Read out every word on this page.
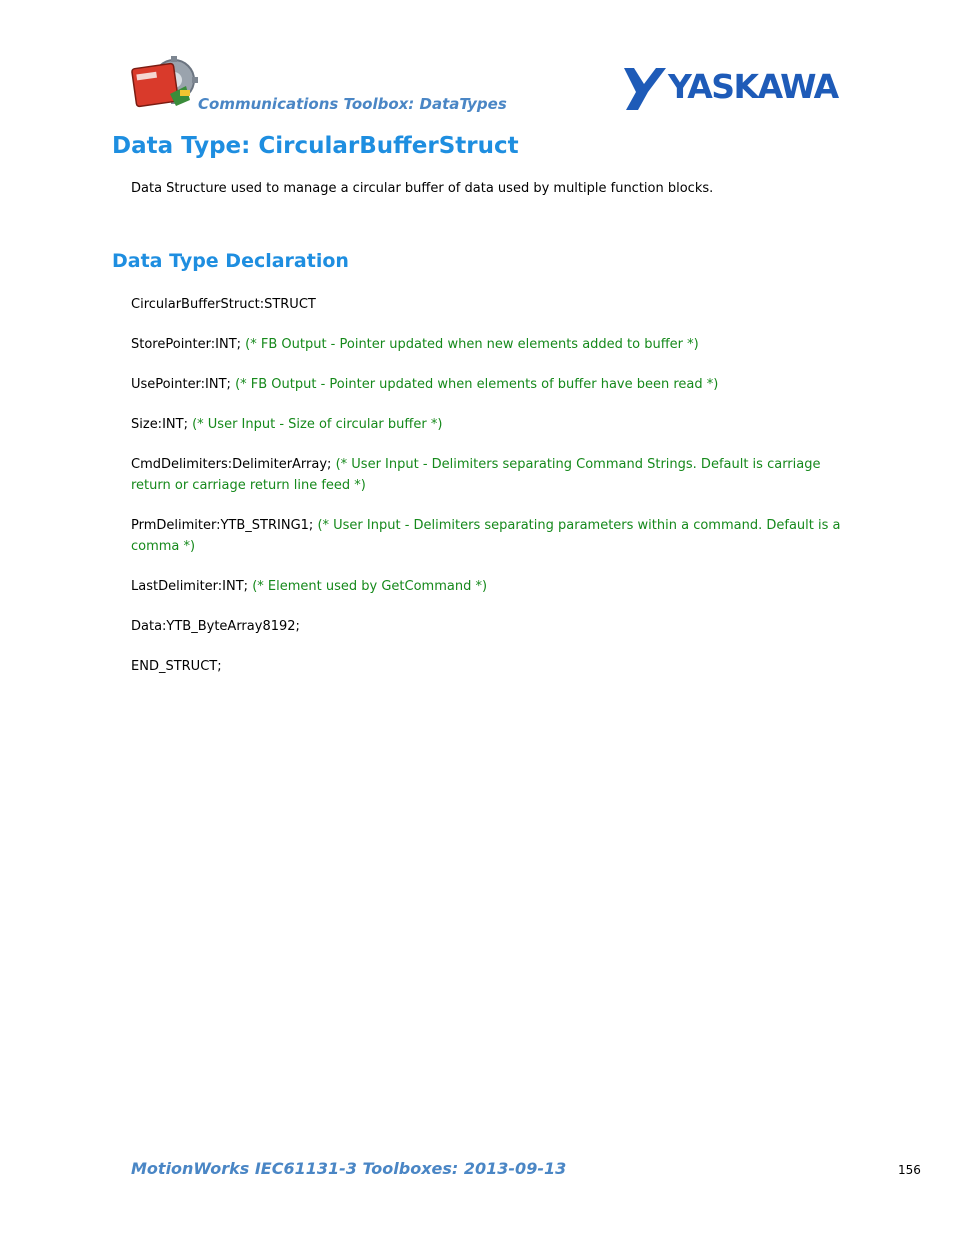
Communications Toolbox: DataTypes	YASKAWA
Data Type: CircularBufferStruct

Data Structure used to manage a circular buffer of data used by multiple function blocks.

Data Type Declaration

CircularBufferStruct:STRUCT

StorePointer:INT; (* FB Output - Pointer updated when new elements added to buffer *)

UsePointer:INT; (* FB Output - Pointer updated when elements of buffer have been read *)

Size:INT; (* User Input - Size of circular buffer *)

CmdDelimiters:DelimiterArray; (* User Input - Delimiters separating Command Strings. Default is carriage return or carriage return line feed *)

PrmDelimiter:YTB_STRING1; (* User Input - Delimiters separating parameters within a command. Default is a comma *)

LastDelimiter:INT; (* Element used by GetCommand *)

Data:YTB_ByteArray8192;

END_STRUCT;

MotionWorks IEC61131-3 Toolboxes: 2013-09-13	156
